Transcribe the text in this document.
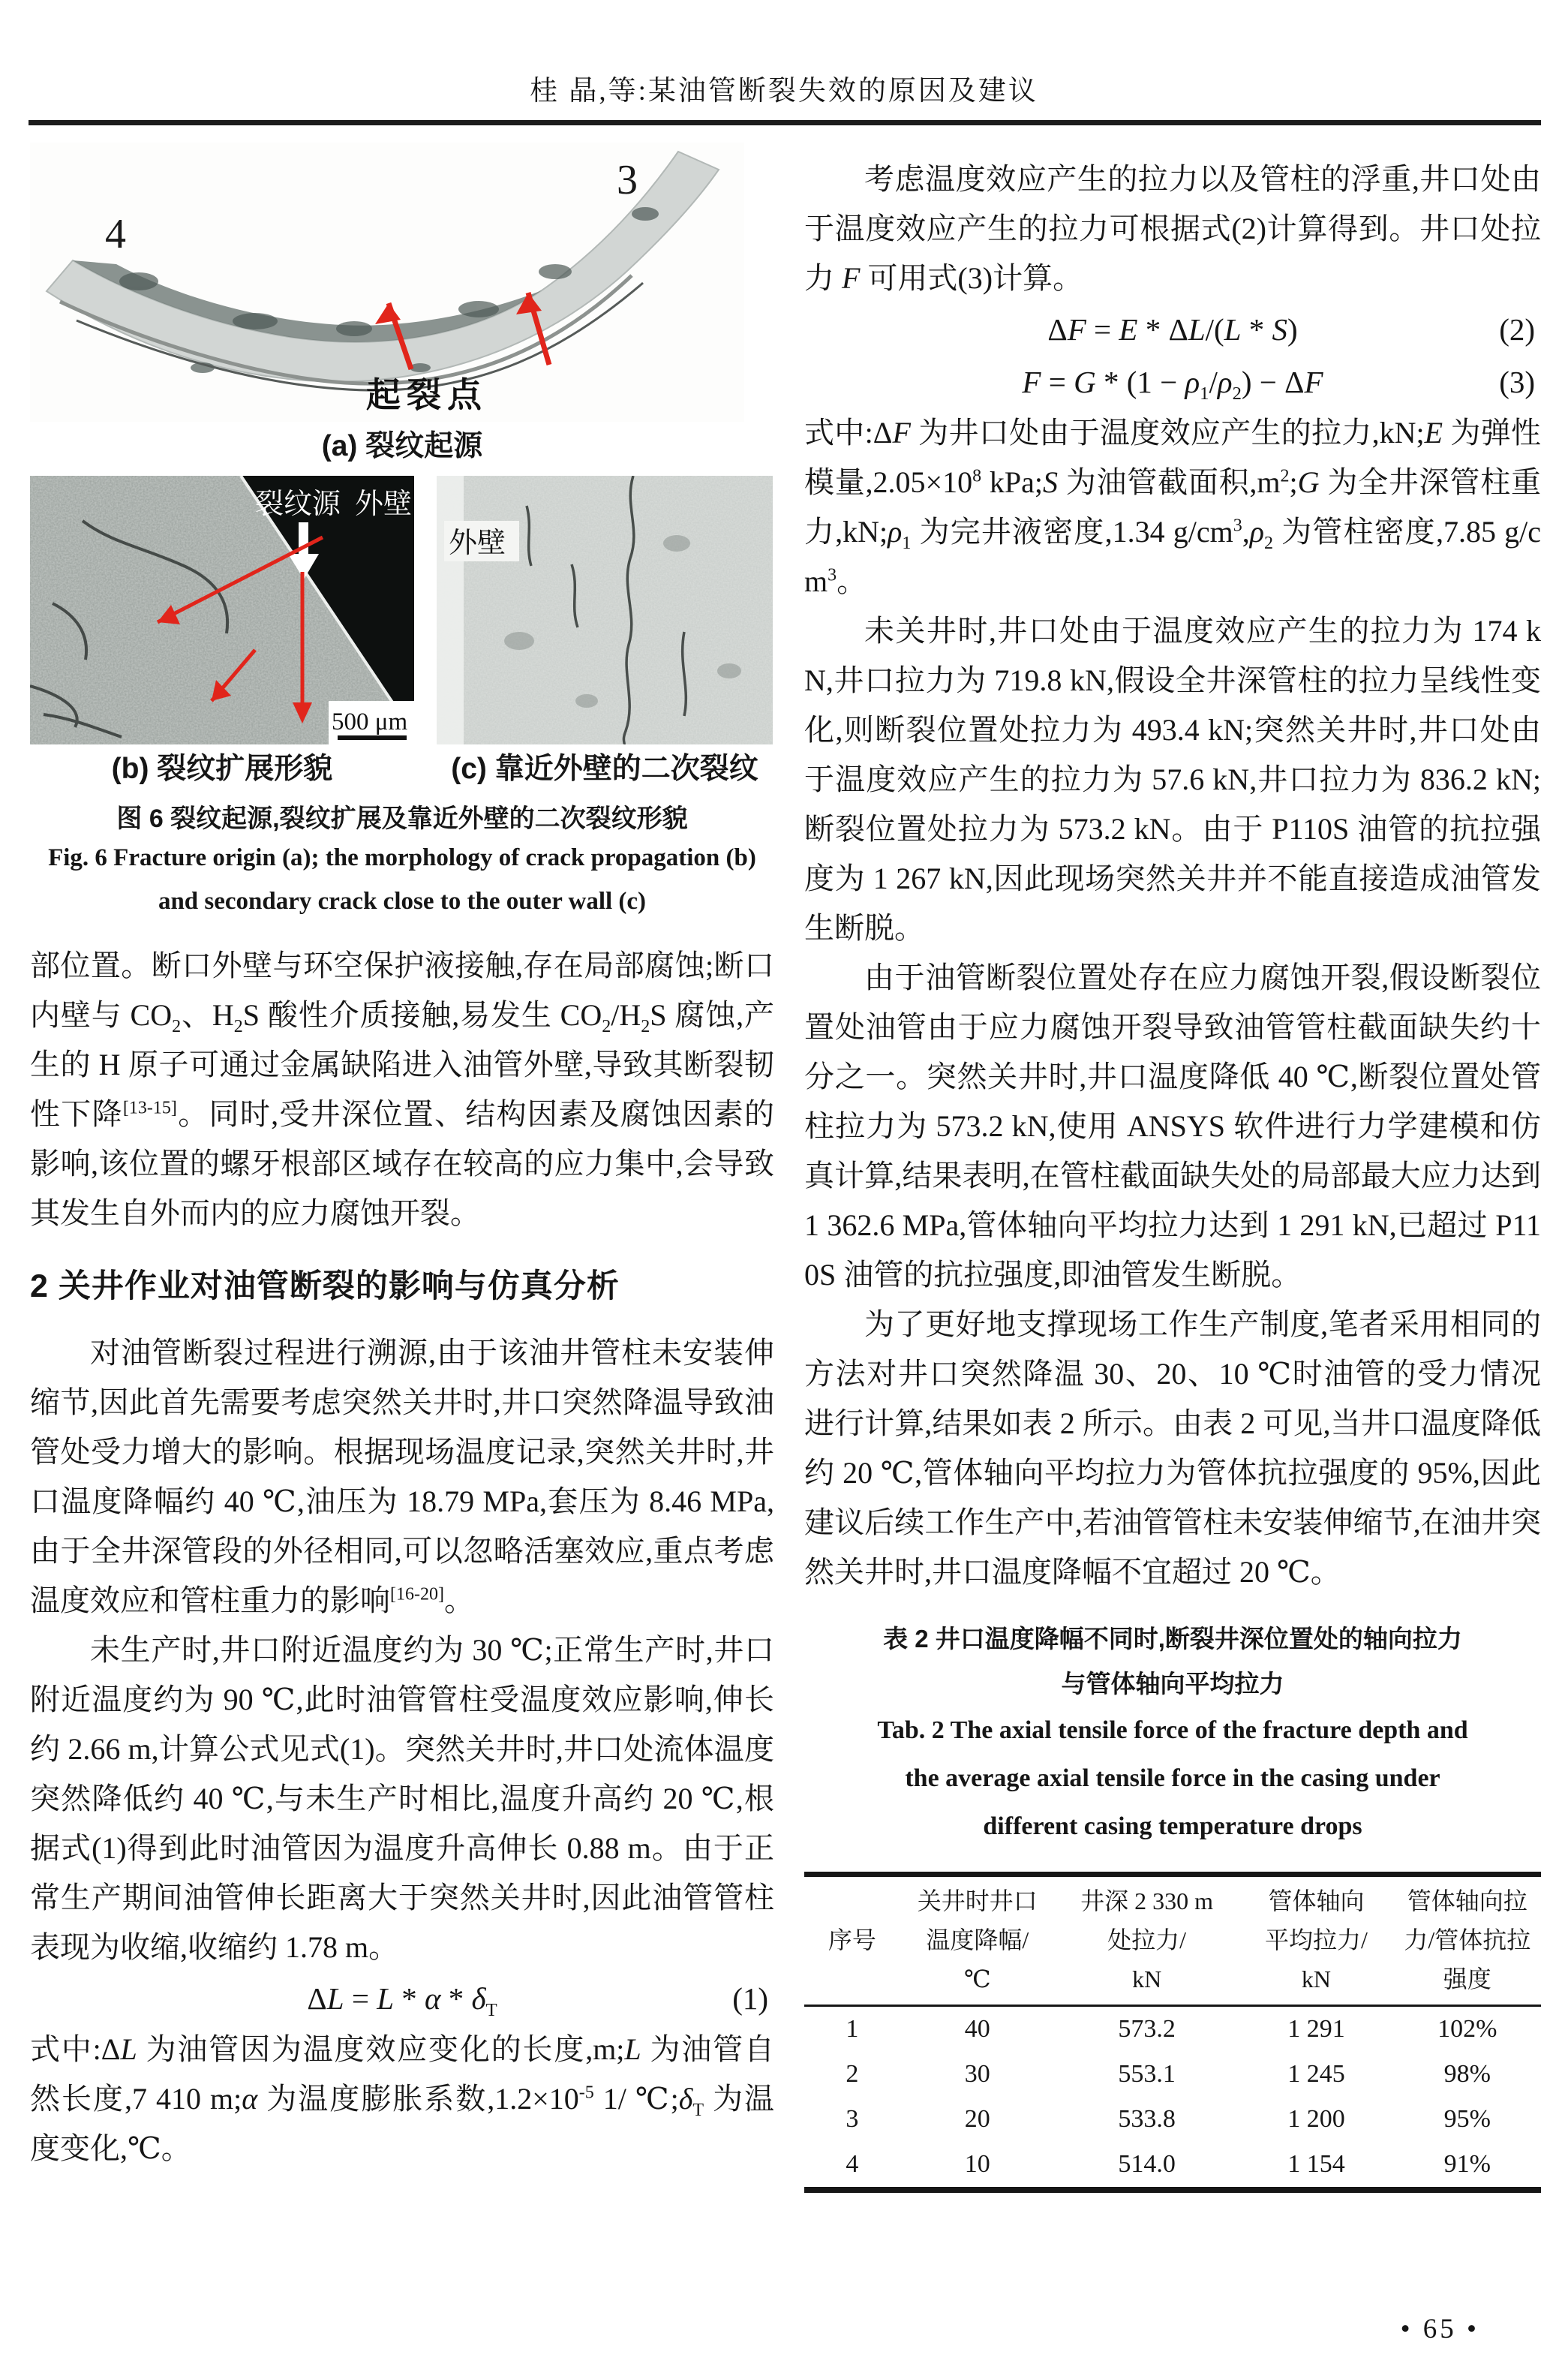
桂 晶,等:某油管断裂失效的原因及建议
3
4
起裂点
(a) 裂纹起源
裂纹源 外壁
500 μm
(b) 裂纹扩展形貌
外壁
(c) 靠近外壁的二次裂纹
图 6 裂纹起源,裂纹扩展及靠近外壁的二次裂纹形貌
Fig. 6 Fracture origin (a); the morphology of crack propagation (b)
and secondary crack close to the outer wall (c)

部位置。断口外壁与环空保护液接触,存在局部腐蚀;断口内壁与 $CO_2$、$H_2S$ 酸性介质接触,易发生 $CO_2/H_2S$ 腐蚀,产生的 H 原子可通过金属缺陷进入油管外壁,导致其断裂韧性下降[13-15]。同时,受井深位置、结构因素及腐蚀因素的影响,该位置的螺牙根部区域存在较高的应力集中,会导致其发生自外而内的应力腐蚀开裂。

2 关井作业对油管断裂的影响与仿真分析

对油管断裂过程进行溯源,由于该油井管柱未安装伸缩节,因此首先需要考虑突然关井时,井口突然降温导致油管处受力增大的影响。根据现场温度记录,突然关井时,井口温度降幅约 40 ℃,油压为 18.79 MPa,套压为 8.46 MPa,由于全井深管段的外径相同,可以忽略活塞效应,重点考虑温度效应和管柱重力的影响[16-20]。

未生产时,井口附近温度约为 30 ℃;正常生产时,井口附近温度约为 90 ℃,此时油管管柱受温度效应影响,伸长约 2.66 m,计算公式见式(1)。突然关井时,井口处流体温度突然降低约 40 ℃,与未生产时相比,温度升高约 20 ℃,根据式(1)得到此时油管因为温度升高伸长 0.88 m。由于正常生产期间油管伸长距离大于突然关井时,因此油管管柱表现为收缩,收缩约 1.78 m。

$\Delta L = L * \alpha * \delta_T$	(1)

式中:ΔL 为油管因为温度效应变化的长度,m;L 为油管自然长度,7 410 m;α 为温度膨胀系数$,1.2\times 10^{-5}$ 1/ $℃;\delta_T$ 为温度变化,℃。

考虑温度效应产生的拉力以及管柱的浮重,井口处由于温度效应产生的拉力可根据式(2)计算得到。井口处拉力 F 可用式(3)计算。

ΔF = E * ΔL/(L * S)	(2)
$F = G * (1 - \rho_1/\rho_2) - \Delta F$	(3)

式中:ΔF 为井口处由于温度效应产生的拉力,kN;E 为弹性模量$,2.05\times 10^8$ kPa;S 为油管截面积$,m^2;G$ 为全井深管柱重力$,kN;\rho_1$ 为完井液密度,1.34 $g/cm^3,\rho_2$ 为管柱密度,7.85 $g/cm^3$。

未关井时,井口处由于温度效应产生的拉力为 174 kN,井口拉力为 719.8 kN,假设全井深管柱的拉力呈线性变化,则断裂位置处拉力为 493.4 kN;突然关井时,井口处由于温度效应产生的拉力为 57.6 kN,井口拉力为 836.2 kN;断裂位置处拉力为 573.2 kN。由于 P110S 油管的抗拉强度为 1 267 kN,因此现场突然关井并不能直接造成油管发生断脱。

由于油管断裂位置处存在应力腐蚀开裂,假设断裂位置处油管由于应力腐蚀开裂导致油管管柱截面缺失约十分之一。突然关井时,井口温度降低 40 ℃,断裂位置处管柱拉力为 573.2 kN,使用 ANSYS 软件进行力学建模和仿真计算,结果表明,在管柱截面缺失处的局部最大应力达到 1 362.6 MPa,管体轴向平均拉力达到 1 291 kN,已超过 P110S 油管的抗拉强度,即油管发生断脱。

为了更好地支撑现场工作生产制度,笔者采用相同的方法对井口突然降温 30、20、10 ℃时油管的受力情况进行计算,结果如表 2 所示。由表 2 可见,当井口温度降低约 20 ℃,管体轴向平均拉力为管体抗拉强度的 95%,因此建议后续工作生产中,若油管管柱未安装伸缩节,在油井突然关井时,井口温度降幅不宜超过 20 ℃。

表 2 井口温度降幅不同时,断裂井深位置处的轴向拉力
与管体轴向平均拉力
Tab. 2 The axial tensile force of the fracture depth and
the average axial tensile force in the casing under
different casing temperature drops
序号

关井时井口
温度降幅/
℃

井深 2 330 m
处拉力/
kN

管体轴向
平均拉力/
kN

管体轴向拉
力/管体抗拉
强度

1	40	573.2	1 291	102%
2	30	553.1	1 245	98%
3	20	533.8	1 200	95%
4	10	514.0	1 154	91%
• 65 •
